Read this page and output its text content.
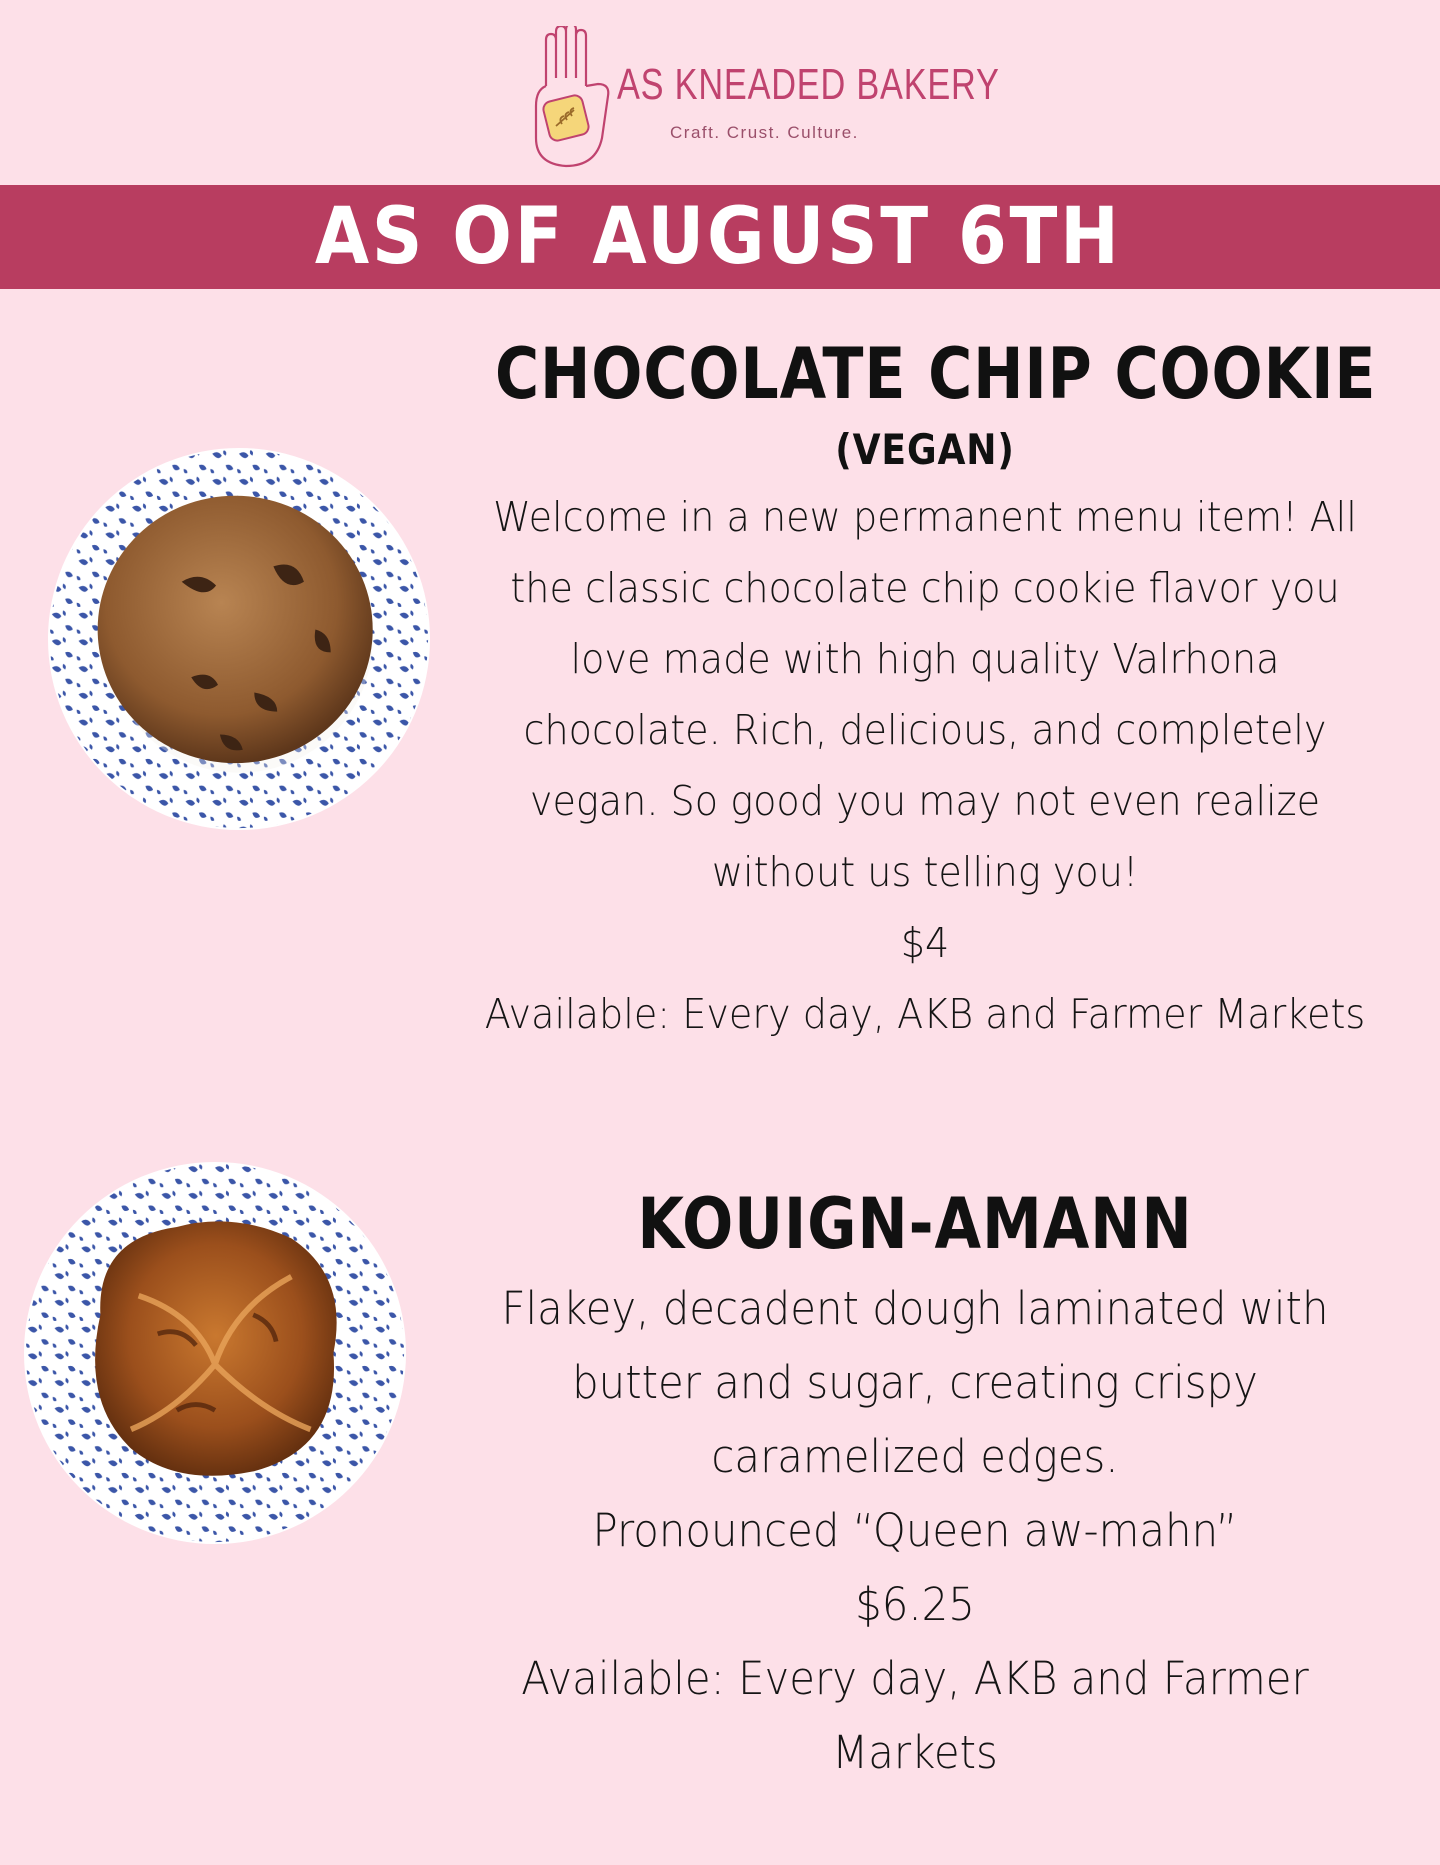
AS KNEADED BAKERY
Craft. Crust. Culture.
AS OF AUGUST 6TH
CHOCOLATE CHIP COOKIE
(VEGAN)
Welcome in a new permanent menu item! All
the classic chocolate chip cookie flavor you
love made with high quality Valrhona
chocolate. Rich, delicious, and completely
vegan. So good you may not even realize
without us telling you!
$4
Available: Every day, AKB and Farmer Markets
KOUIGN-AMANN
Flakey, decadent dough laminated with
butter and sugar, creating crispy
caramelized edges.
Pronounced “Queen aw-mahn”
$6.25
Available: Every day, AKB and Farmer
Markets
